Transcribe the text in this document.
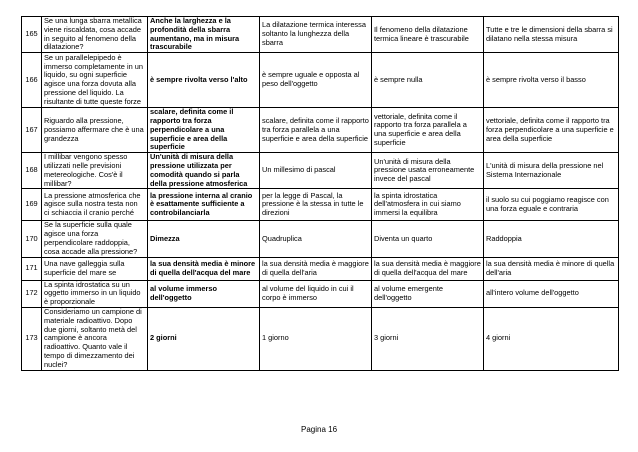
165	Se una lunga sbarra metallica viene riscaldata, cosa accade in seguito al fenomeno della dilatazione?	Anche la larghezza e la profondità della sbarra aumentano, ma in misura trascurabile	La dilatazione termica interessa soltanto la lunghezza della sbarra	Il fenomeno della dilatazione termica lineare è trascurabile	Tutte e tre le dimensioni della sbarra si dilatano nella stessa misura
166	Se un parallelepipedo è immerso completamente in un liquido, su ogni superficie agisce una forza dovuta alla pressione del liquido. La risultante di tutte queste forze	è sempre rivolta verso l'alto	è sempre uguale e opposta al peso dell'oggetto	è sempre nulla	è sempre rivolta verso il basso
167	Riguardo alla pressione, possiamo affermare che è una grandezza	scalare, definita come il rapporto tra forza perpendicolare a una superficie e area della superficie	scalare, definita come il rapporto tra forza parallela a una superficie e area della superficie	vettoriale, definita come il rapporto tra forza parallela a una superficie e area della superficie	vettoriale, definita come il rapporto tra forza perpendicolare a una superficie e area della superficie
168	I millibar vengono spesso utilizzati nelle previsioni metereologiche. Cos'è il millibar?	Un'unità di misura della pressione utilizzata per comodità quando si parla della pressione atmosferica	Un millesimo di pascal	Un'unità di misura della pressione usata erroneamente invece del pascal	L'unità di misura della pressione nel Sistema Internazionale
169	La pressione atmosferica che agisce sulla nostra testa non ci schiaccia il cranio perché	la pressione interna al cranio è esattamente sufficiente a controbilanciarla	per la legge di Pascal, la pressione è la stessa in tutte le direzioni	la spinta idrostatica dell'atmosfera in cui siamo immersi la equilibra	il suolo su cui poggiamo reagisce con una forza eguale e contraria
170	Se la superficie sulla quale agisce una forza perpendicolare raddoppia, cosa accade alla pressione?	Dimezza	Quadruplica	Diventa un quarto	Raddoppia
171	Una nave galleggia sulla superficie del mare se	la sua densità media è minore di quella dell'acqua del mare	la sua densità media è maggiore di quella dell'aria	la sua densità media è maggiore di quella dell'acqua del mare	la sua densità media è minore di quella dell'aria
172	La spinta idrostatica su un oggetto immerso in un liquido è proporzionale	al volume immerso dell'oggetto	al volume del liquido in cui il corpo è immerso	al volume emergente dell'oggetto	all'intero volume dell'oggetto
173	Consideriamo un campione di materiale radioattivo. Dopo due giorni, soltanto metà del campione è ancora radioattivo. Quanto vale il tempo di dimezzamento dei nuclei?	2 giorni	1 giorno	3 giorni	4 giorni
Pagina 16
